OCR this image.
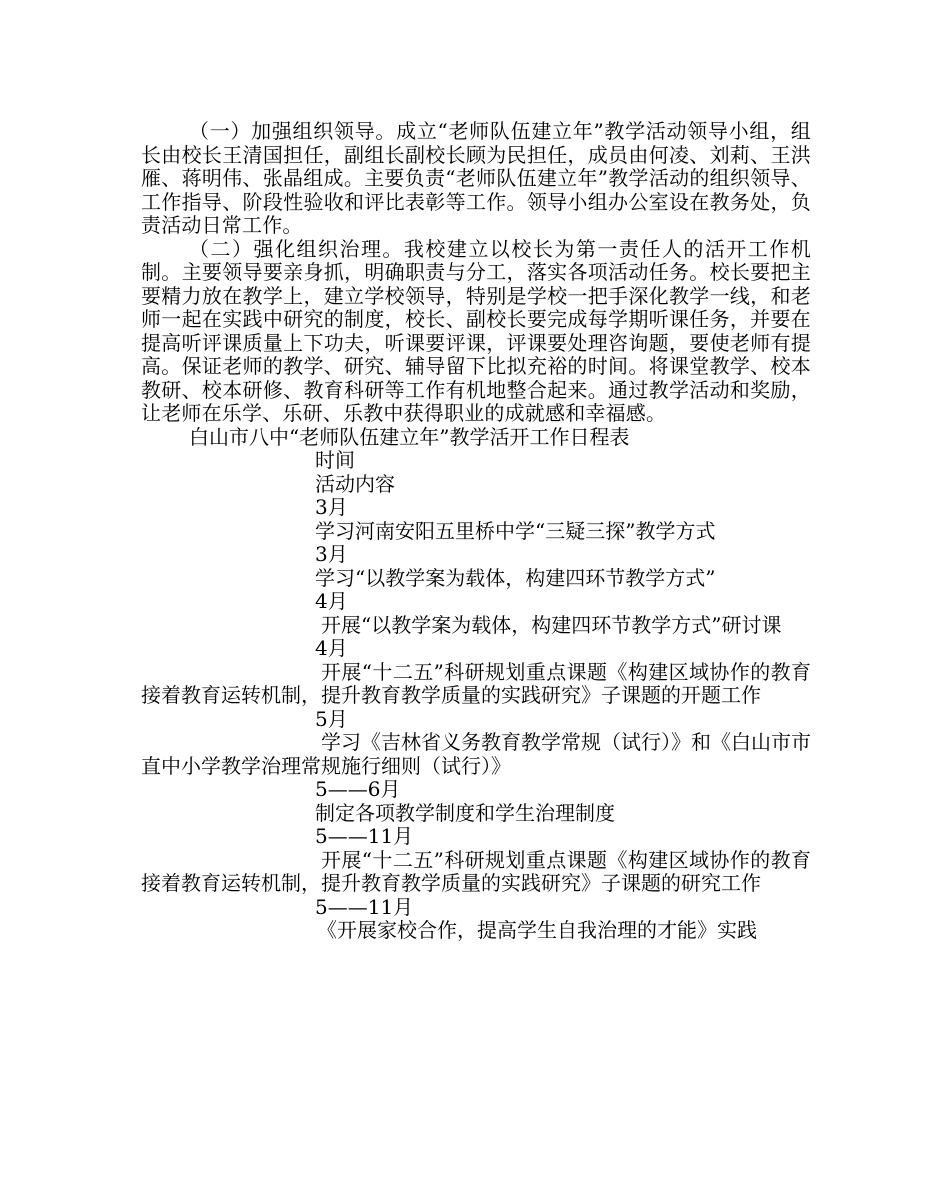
（一）加强组织领导。成立“老师队伍建立年”教学活动领导小组，组长由校长王清国担任，副组长副校长顾为民担任，成员由何凌、刘莉、王洪雁、蒋明伟、张晶组成。主要负责“老师队伍建立年”教学活动的组织领导、工作指导、阶段性验收和评比表彰等工作。领导小组办公室设在教务处，负责活动日常工作。

（二）强化组织治理。我校建立以校长为第一责任人的活开工作机制。主要领导要亲身抓，明确职责与分工，落实各项活动任务。校长要把主要精力放在教学上，建立学校领导，特别是学校一把手深化教学一线，和老师一起在实践中研究的制度，校长、副校长要完成每学期听课任务，并要在提高听评课质量上下功夫，听课要评课，评课要处理咨询题，要使老师有提高。保证老师的教学、研究、辅导留下比拟充裕的时间。将课堂教学、校本教研、校本研修、教育科研等工作有机地整合起来。通过教学活动和奖励，让老师在乐学、乐研、乐教中获得职业的成就感和幸福感。

白山市八中“老师队伍建立年”教学活开工作日程表
时间
活动内容
3月
学习河南安阳五里桥中学“三疑三探”教学方式
3月
学习“以教学案为载体，构建四环节教学方式”
4月

开展“以教学案为载体，构建四环节教学方式”研讨课

4月

开展“十二五”科研规划重点课题《构建区域协作的教育接着教育运转机制，提升教育教学质量的实践研究》子课题的开题工作

5月

学习《吉林省义务教育教学常规（试行）》和《白山市市直中小学教学治理常规施行细则（试行）》

5——6月
制定各项教学制度和学生治理制度
5——11月

开展“十二五”科研规划重点课题《构建区域协作的教育接着教育运转机制，提升教育教学质量的实践研究》子课题的研究工作

5——11月

《开展家校合作，提高学生自我治理的才能》实践
